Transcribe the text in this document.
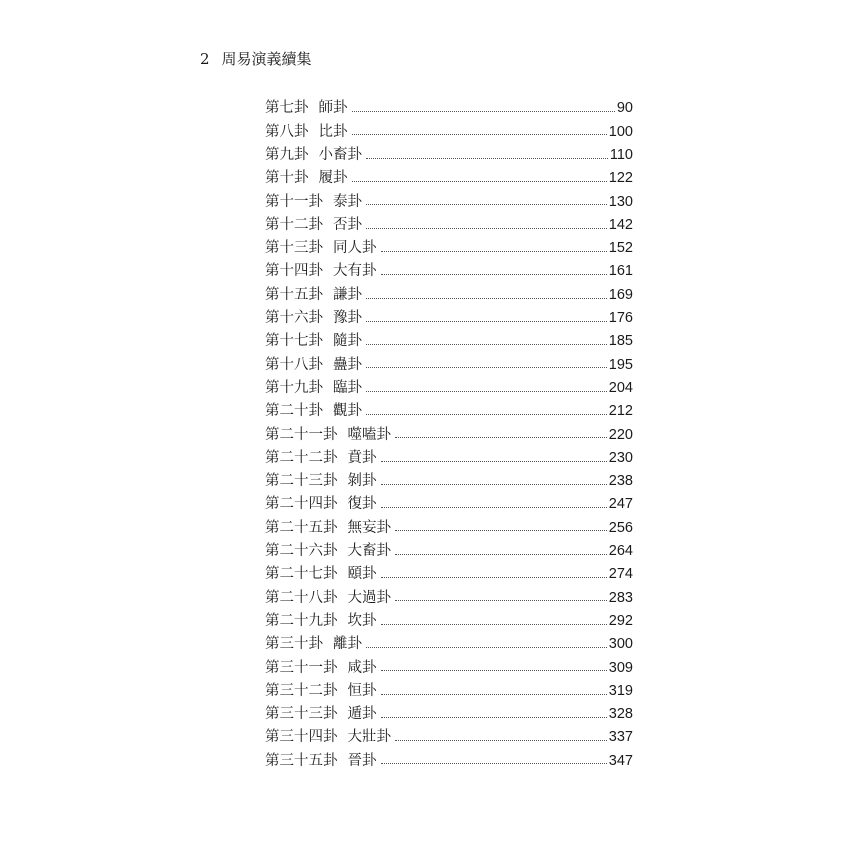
2 周易演義續集
第七卦 師卦	90
第八卦 比卦	100
第九卦 小畜卦	110
第十卦 履卦	122
第十一卦 泰卦	130
第十二卦 否卦	142
第十三卦 同人卦	152
第十四卦 大有卦	161
第十五卦 謙卦	169
第十六卦 豫卦	176
第十七卦 隨卦	185
第十八卦 蠱卦	195
第十九卦 臨卦	204
第二十卦 觀卦	212
第二十一卦 噬嗑卦	220
第二十二卦 賁卦	230
第二十三卦 剝卦	238
第二十四卦 復卦	247
第二十五卦 無妄卦	256
第二十六卦 大畜卦	264
第二十七卦 頤卦	274
第二十八卦 大過卦	283
第二十九卦 坎卦	292
第三十卦 離卦	300
第三十一卦 咸卦	309
第三十二卦 恒卦	319
第三十三卦 遁卦	328
第三十四卦 大壯卦	337
第三十五卦 晉卦	347
